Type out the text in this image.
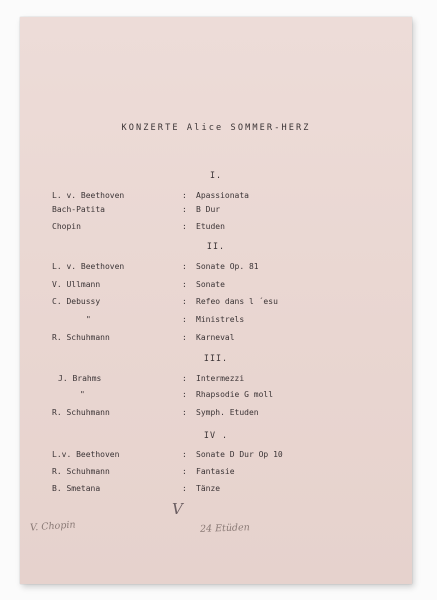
KONZERTE Alice SOMMER-HERZ
I.
L. v. Beethoven	: Apassionata
Bach-Patita	: B Dur
Chopin	: Etuden
II.
L. v. Beethoven	: Sonate Op. 81
V. Ullmann	: Sonate
C. Debussy	: Refeo dans l ´esu
"	: Ministrels
R. Schuhmann	: Karneval
III.
J. Brahms	: Intermezzi
"	: Rhapsodie G moll
R. Schuhmann	: Symph. Etuden
IV .
L.v. Beethoven	: Sonate D Dur Op 10
R. Schuhmann	: Fantasie
B. Smetana	: Tänze
V
V. Chopin	24 Etüden
